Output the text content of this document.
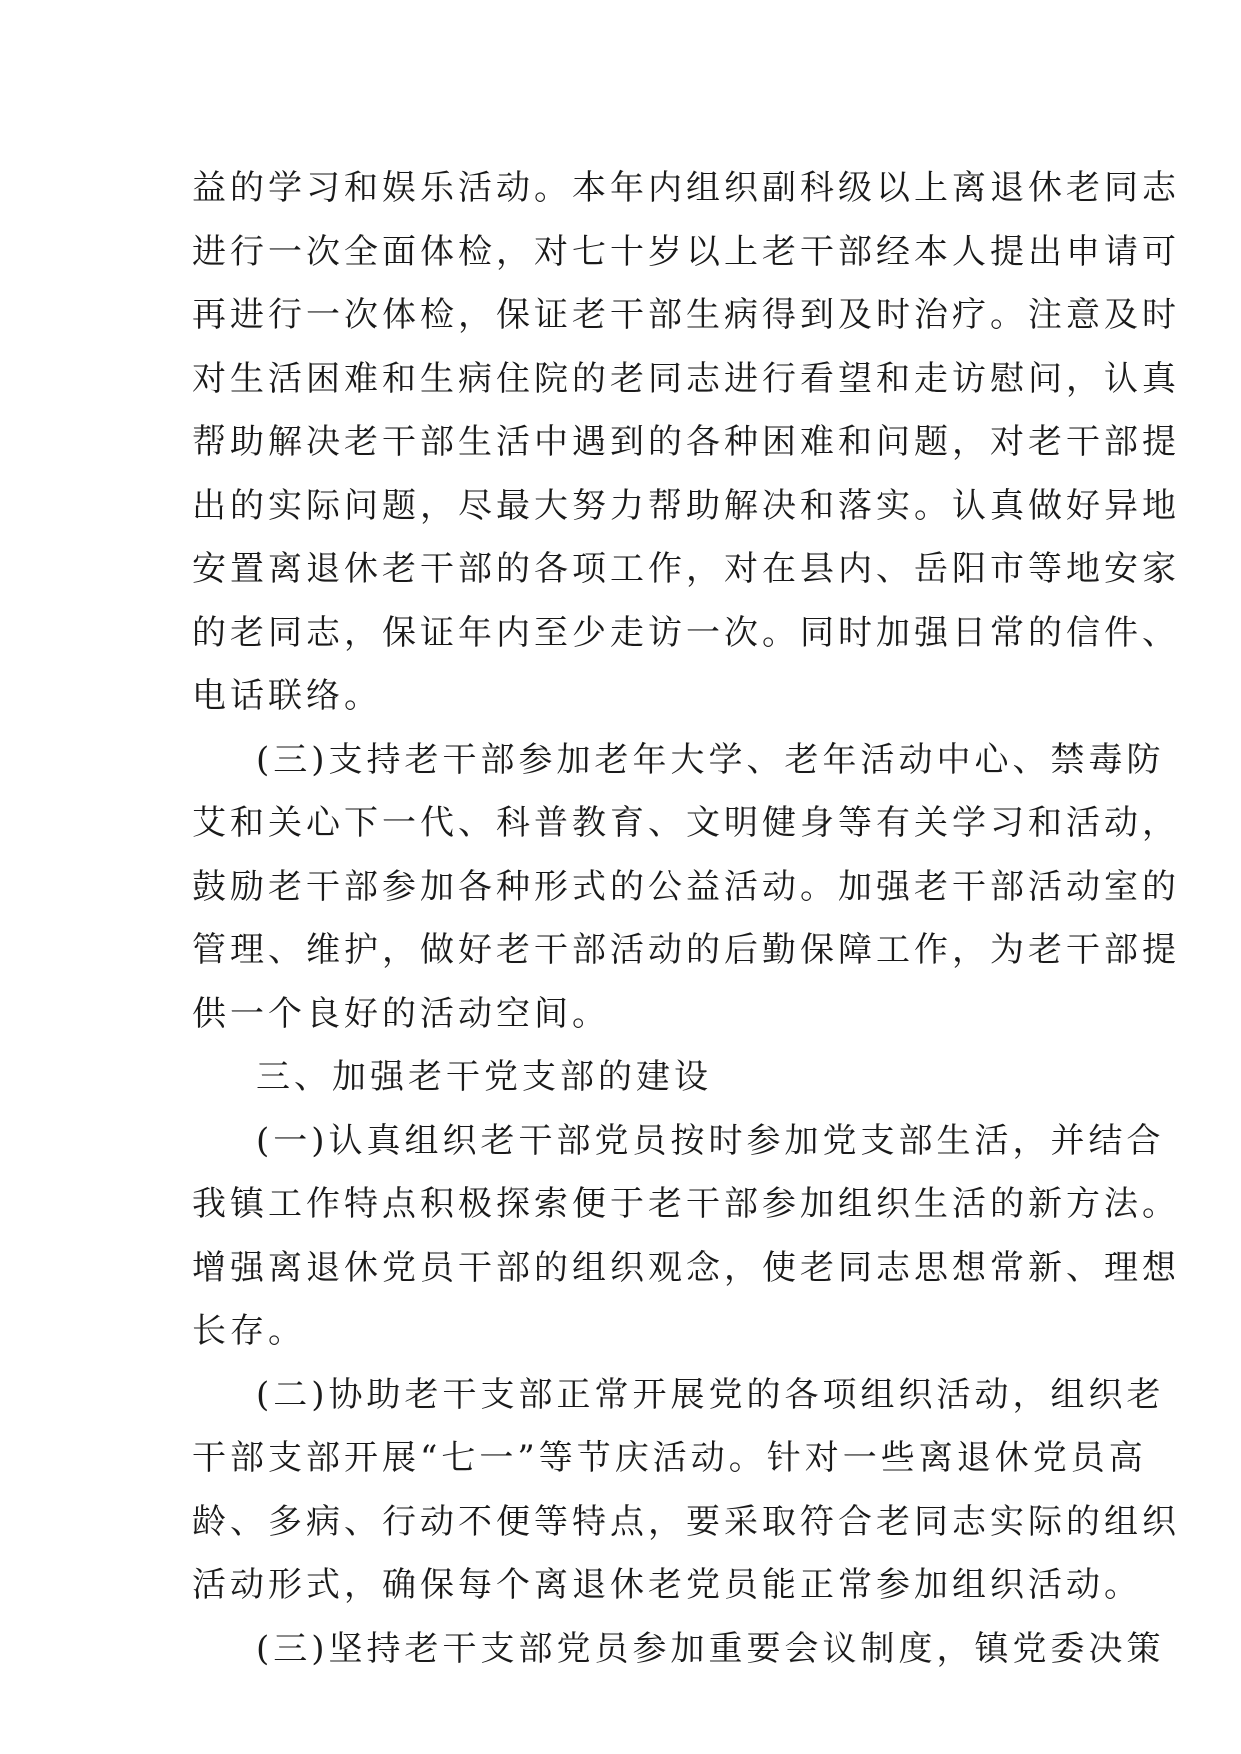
益的学习和娱乐活动。本年内组织副科级以上离退休老同志
进行一次全面体检，对七十岁以上老干部经本人提出申请可
再进行一次体检，保证老干部生病得到及时治疗。注意及时
对生活困难和生病住院的老同志进行看望和走访慰问，认真
帮助解决老干部生活中遇到的各种困难和问题，对老干部提
出的实际问题，尽最大努力帮助解决和落实。认真做好异地
安置离退休老干部的各项工作，对在县内、岳阳市等地安家
的老同志，保证年内至少走访一次。同时加强日常的信件、
电话联络。
(三)支持老干部参加老年大学、老年活动中心、禁毒防
艾和关心下一代、科普教育、文明健身等有关学习和活动，
鼓励老干部参加各种形式的公益活动。加强老干部活动室的
管理、维护，做好老干部活动的后勤保障工作，为老干部提
供一个良好的活动空间。
三、加强老干党支部的建设
(一)认真组织老干部党员按时参加党支部生活，并结合
我镇工作特点积极探索便于老干部参加组织生活的新方法。
增强离退休党员干部的组织观念，使老同志思想常新、理想
长存。
(二)协助老干支部正常开展党的各项组织活动，组织老
干部支部开展“七一”等节庆活动。针对一些离退休党员高
龄、多病、行动不便等特点，要采取符合老同志实际的组织
活动形式，确保每个离退休老党员能正常参加组织活动。
(三)坚持老干支部党员参加重要会议制度，镇党委决策
